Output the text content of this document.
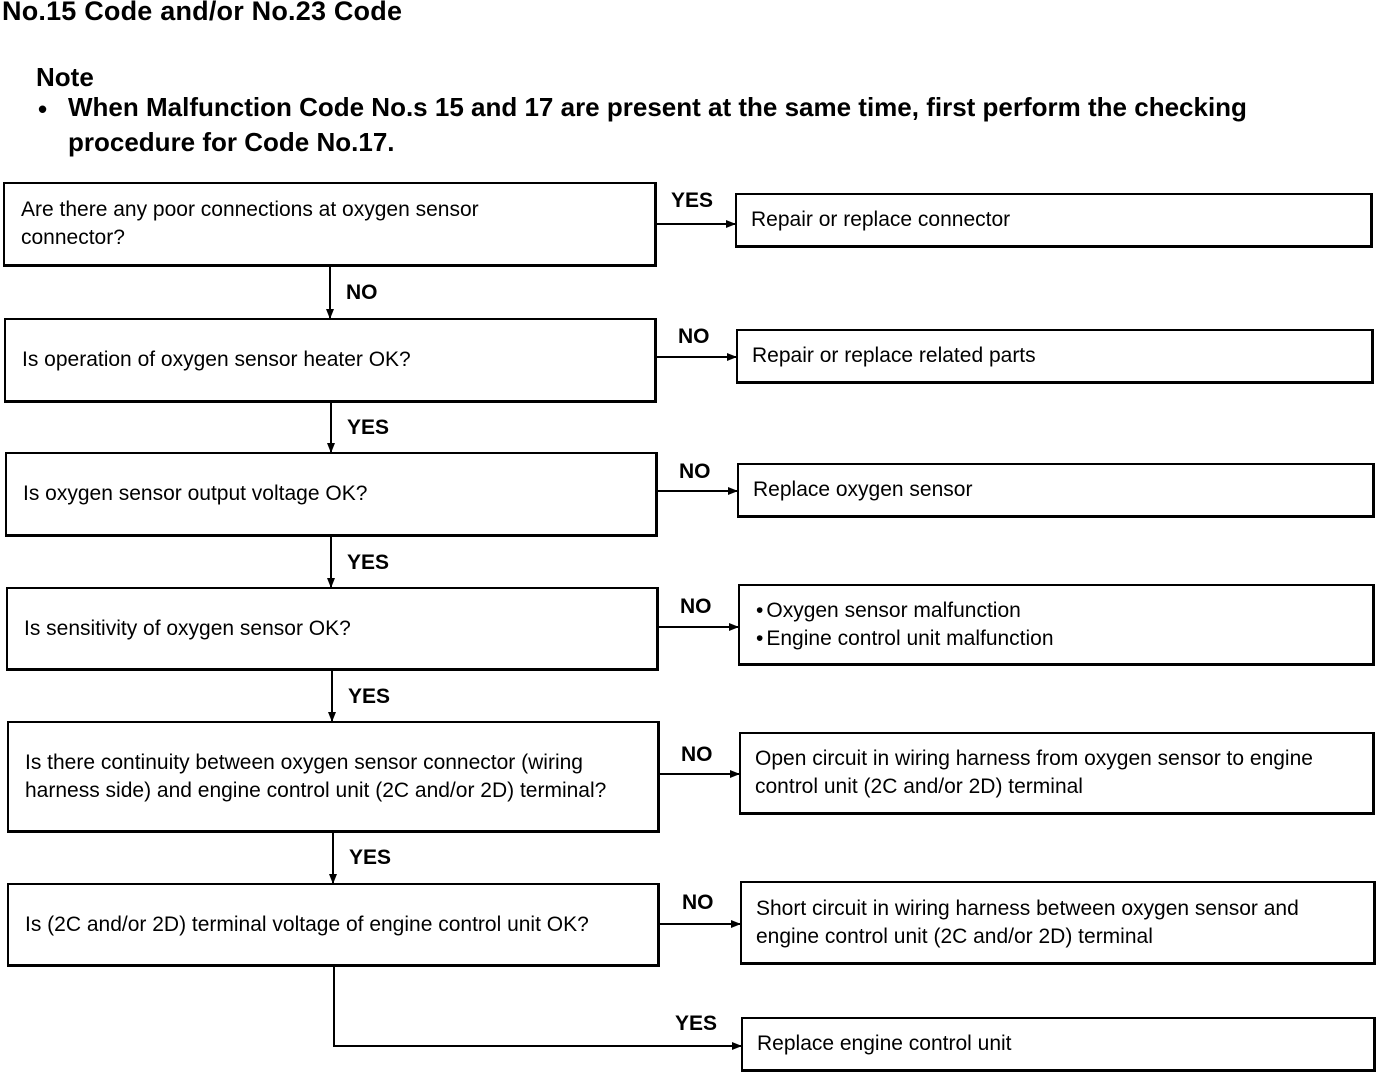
No.15 Code and/or No.23 Code
Note
• When Malfunction Code No.s 15 and 17 are present at the same time, first perform the checking procedure for Code No.17.
Are there any poor connections at oxygen sensor connector?
Is operation of oxygen sensor heater OK?
Is oxygen sensor output voltage OK?
Is sensitivity of oxygen sensor OK?
Is there continuity between oxygen sensor connector (wiring harness side) and engine control unit (2C and/or 2D) terminal?
Is (2C and/or 2D) terminal voltage of engine control unit OK?
Repair or replace connector
Repair or replace related parts
Replace oxygen sensor
• Oxygen sensor malfunction
• Engine control unit malfunction
Open circuit in wiring harness from oxygen sensor to engine control unit (2C and/or 2D) terminal
Short circuit in wiring harness between oxygen sensor and engine control unit (2C and/or 2D) terminal
Replace engine control unit
YES
NO
NO
NO
NO
NO
YES
NO
YES
YES
YES
YES
